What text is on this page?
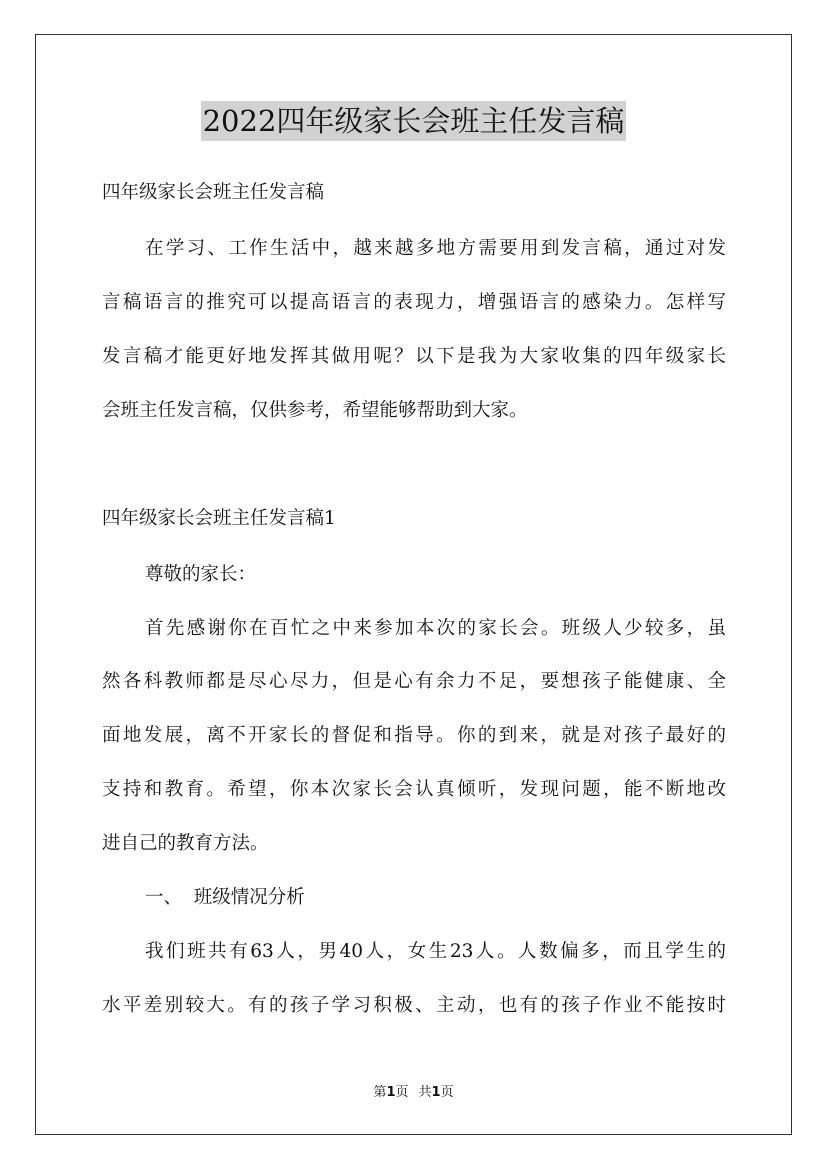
2022四年级家长会班主任发言稿
四年级家长会班主任发言稿
在学习、工作生活中，越来越多地方需要用到发言稿，通过对发
言稿语言的推究可以提高语言的表现力，增强语言的感染力。怎样写
发言稿才能更好地发挥其做用呢？以下是我为大家收集的四年级家长
会班主任发言稿，仅供参考，希望能够帮助到大家。
四年级家长会班主任发言稿1
尊敬的家长：
首先感谢你在百忙之中来参加本次的家长会。班级人少较多，虽
然各科教师都是尽心尽力，但是心有余力不足，要想孩子能健康、全
面地发展，离不开家长的督促和指导。你的到来，就是对孩子最好的
支持和教育。希望，你本次家长会认真倾听，发现问题，能不断地改
进自己的教育方法。
一、  班级情况分析
我们班共有63人，男40人，女生23人。人数偏多，而且学生的
水平差别较大。有的孩子学习积极、主动，也有的孩子作业不能按时
第1页 共1页
